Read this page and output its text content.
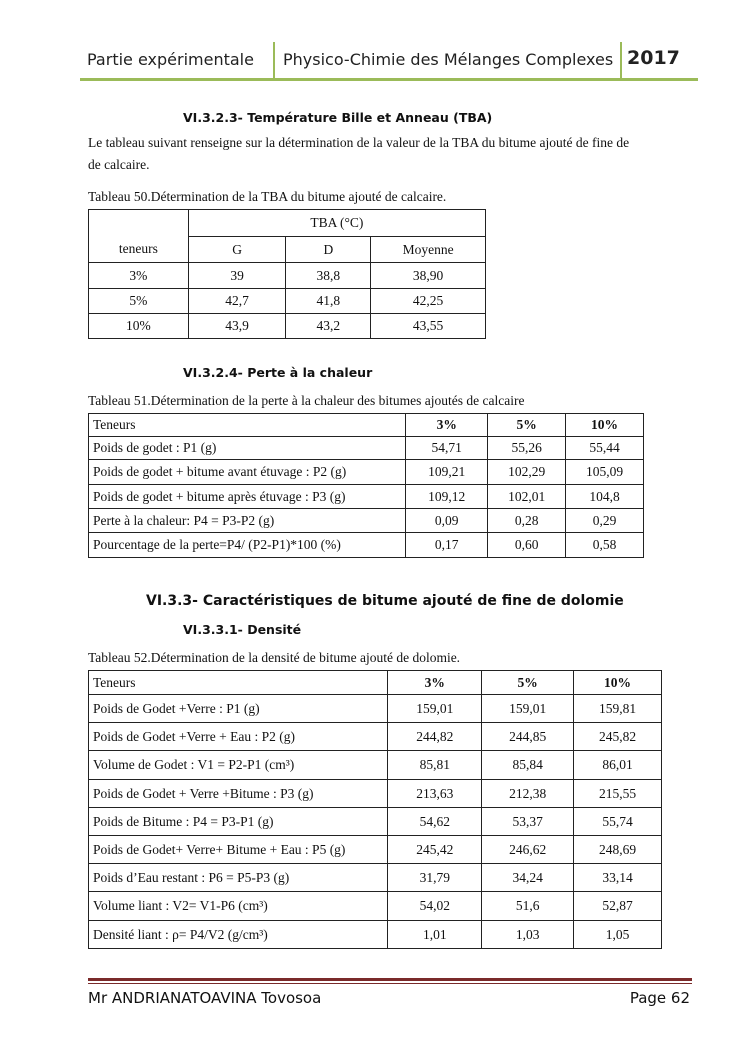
Partie expérimentale Physico-Chimie des Mélanges Complexes 2017
VI.3.2.3- Température Bille et Anneau (TBA)
Le tableau suivant renseigne sur la détermination de la valeur de la TBA du bitume ajouté de fine de
de calcaire.
Tableau 50.Détermination de la TBA du bitume ajouté de calcaire.
	TBA (°C)		
teneurs	G	D	Moyenne
3%	39	38,8	38,90
5%	42,7	41,8	42,25
10%	43,9	43,2	43,55
VI.3.2.4- Perte à la chaleur
Tableau 51.Détermination de la perte à la chaleur des bitumes ajoutés de calcaire
Teneurs	3%	5%	10%
Poids de godet : P1 (g)	54,71	55,26	55,44
Poids de godet + bitume avant étuvage : P2 (g)	109,21	102,29	105,09
Poids de godet + bitume après étuvage : P3 (g)	109,12	102,01	104,8
Perte à la chaleur: P4 = P3-P2 (g)	0,09	0,28	0,29
Pourcentage de la perte=P4/ (P2-P1)*100 (%)	0,17	0,60	0,58
VI.3.3- Caractéristiques de bitume ajouté de fine de dolomie
VI.3.3.1- Densité
Tableau 52.Détermination de la densité de bitume ajouté de dolomie.
Teneurs	3%	5%	10%
Poids de Godet +Verre : P1 (g)	159,01	159,01	159,81
Poids de Godet +Verre + Eau : P2 (g)	244,82	244,85	245,82
Volume de Godet : V1 = P2-P1 (cm³)	85,81	85,84	86,01
Poids de Godet + Verre +Bitume : P3 (g)	213,63	212,38	215,55
Poids de Bitume : P4 = P3-P1 (g)	54,62	53,37	55,74
Poids de Godet+ Verre+ Bitume + Eau : P5 (g)	245,42	246,62	248,69
Poids d’Eau restant : P6 = P5-P3 (g)	31,79	34,24	33,14
Volume liant : V2= V1-P6 (cm³)	54,02	51,6	52,87
Densité liant : ρ= P4/V2 (g/cm³)	1,01	1,03	1,05
Mr ANDRIANATOAVINA Tovosoa	Page 62
